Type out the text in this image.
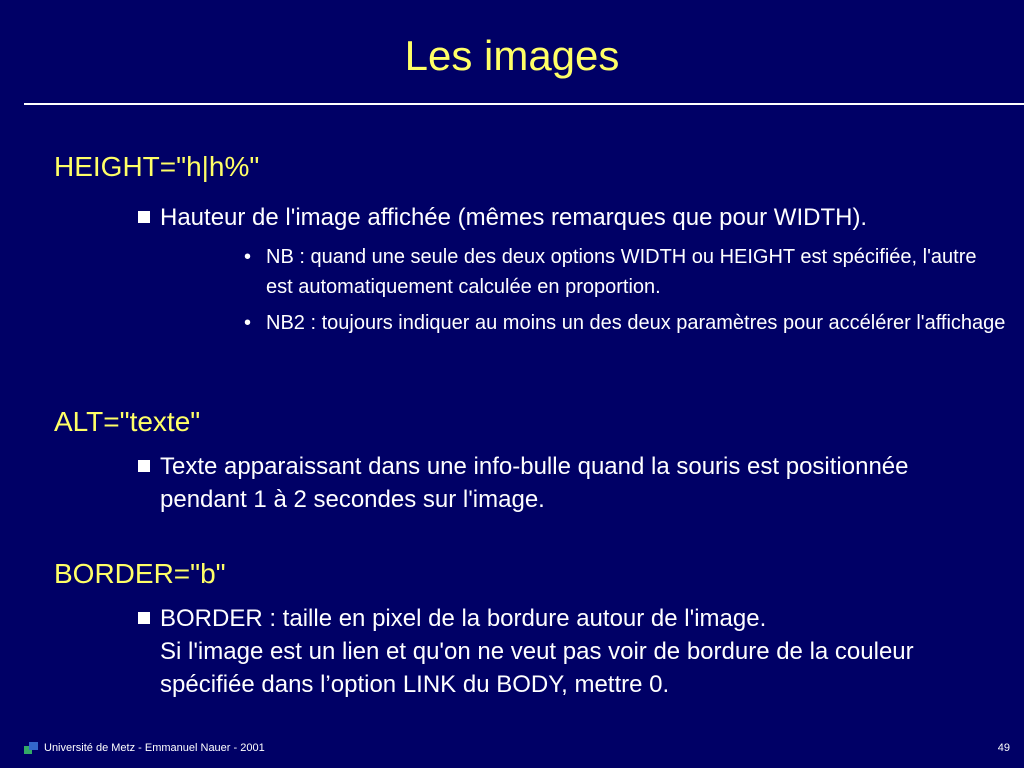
Les images
HEIGHT="h|h%"
Hauteur de l'image affichée (mêmes remarques que pour WIDTH).
• NB : quand une seule des deux options WIDTH ou HEIGHT est spécifiée, l'autre est automatiquement calculée en proportion.
• NB2 : toujours indiquer au moins un des deux paramètres pour accélérer l'affichage
ALT="texte"
Texte apparaissant dans une info-bulle quand la souris est positionnée pendant 1 à 2 secondes sur l'image.
BORDER="b"
BORDER : taille en pixel de la bordure autour de l'image.
Si l'image est un lien et qu'on ne veut pas voir de bordure de la couleur spécifiée dans l’option LINK du BODY, mettre 0.
Université de Metz - Emmanuel Nauer - 2001	49
